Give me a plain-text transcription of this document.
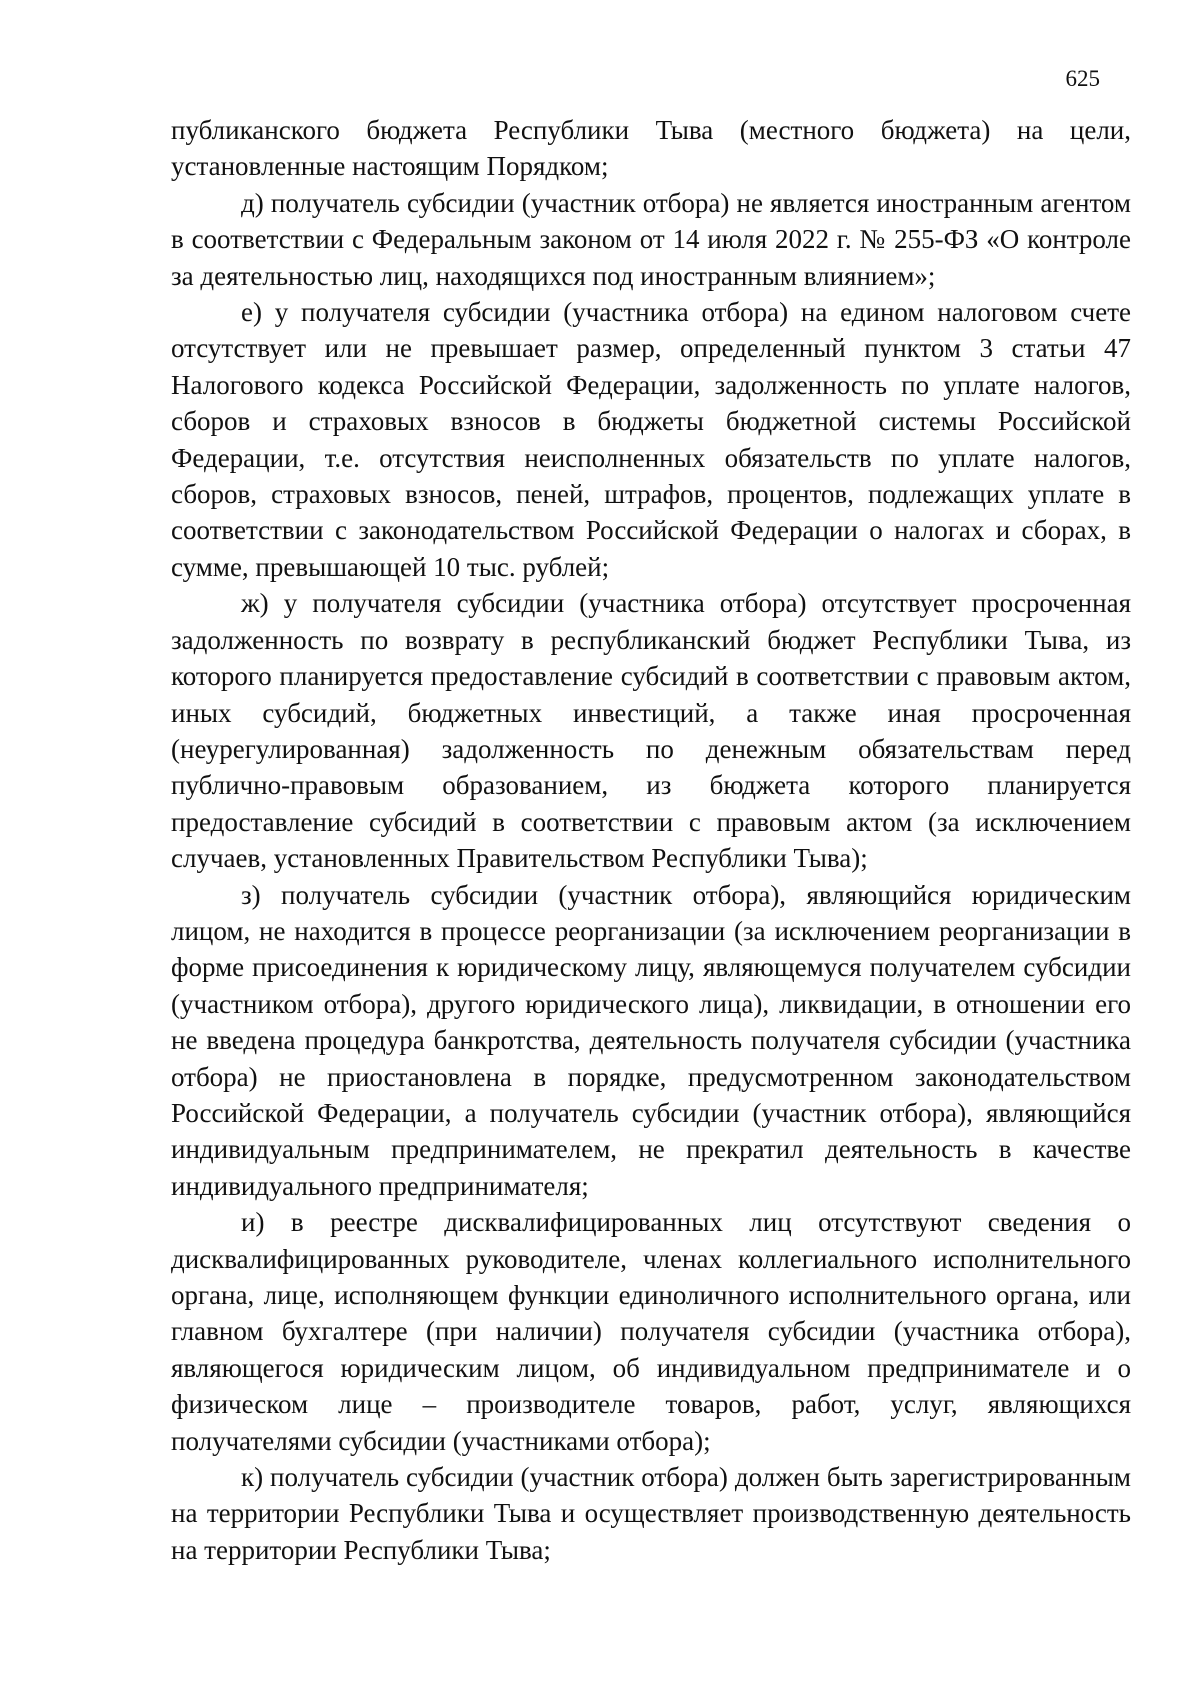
625

публиканского бюджета Республики Тыва (местного бюджета) на цели, установленные настоящим Порядком;

д) получатель субсидии (участник отбора) не является иностранным агентом в соответствии с Федеральным законом от 14 июля 2022 г. № 255-ФЗ «О контроле за деятельностью лиц, находящихся под иностранным влиянием»;

е) у получателя субсидии (участника отбора) на едином налоговом счете отсутствует или не превышает размер, определенный пунктом 3 статьи 47 Налогового кодекса Российской Федерации, задолженность по уплате налогов, сборов и страховых взносов в бюджеты бюджетной системы Российской Федерации, т.е. отсутствия неисполненных обязательств по уплате налогов, сборов, страховых взносов, пеней, штрафов, процентов, подлежащих уплате в соответствии с законодательством Российской Федерации о налогах и сборах, в сумме, превышающей 10 тыс. рублей;

ж) у получателя субсидии (участника отбора) отсутствует просроченная задолженность по возврату в республиканский бюджет Республики Тыва, из которого планируется предоставление субсидий в соответствии с правовым актом, иных субсидий, бюджетных инвестиций, а также иная просроченная (неурегулированная) задолженность по денежным обязательствам перед публично-правовым образованием, из бюджета которого планируется предоставление субсидий в соответствии с правовым актом (за исключением случаев, установленных Правительством Республики Тыва);

з) получатель субсидии (участник отбора), являющийся юридическим лицом, не находится в процессе реорганизации (за исключением реорганизации в форме присоединения к юридическому лицу, являющемуся получателем субсидии (участником отбора), другого юридического лица), ликвидации, в отношении его не введена процедура банкротства, деятельность получателя субсидии (участника отбора) не приостановлена в порядке, предусмотренном законодательством Российской Федерации, а получатель субсидии (участник отбора), являющийся индивидуальным предпринимателем, не прекратил деятельность в качестве индивидуального предпринимателя;

и) в реестре дисквалифицированных лиц отсутствуют сведения о дисквалифицированных руководителе, членах коллегиального исполнительного органа, лице, исполняющем функции единоличного исполнительного органа, или главном бухгалтере (при наличии) получателя субсидии (участника отбора), являющегося юридическим лицом, об индивидуальном предпринимателе и о физическом лице – производителе товаров, работ, услуг, являющихся получателями субсидии (участниками отбора);

к) получатель субсидии (участник отбора) должен быть зарегистрированным на территории Республики Тыва и осуществляет производственную деятельность на территории Республики Тыва;
